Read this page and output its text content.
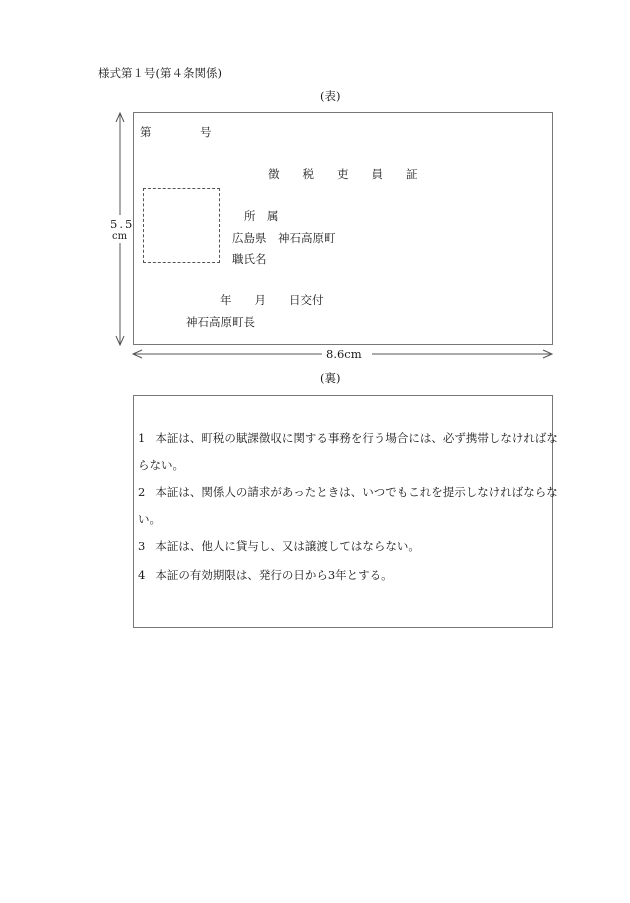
様式第１号(第４条関係)
(表)
5.5
cm
8.6cm
第	号
徴　　税　　吏　　員　　証
所　属
広島県　神石高原町
職氏名
年　　月　　日交付
神石高原町長
(裏)
1 本証は、町税の賦課徴収に関する事務を行う場合には、必ず携帯しなければならない。
2 本証は、関係人の請求があったときは、いつでもこれを提示しなければならない。
3 本証は、他人に貸与し、又は譲渡してはならない。
4 本証の有効期限は、発行の日から3年とする。
